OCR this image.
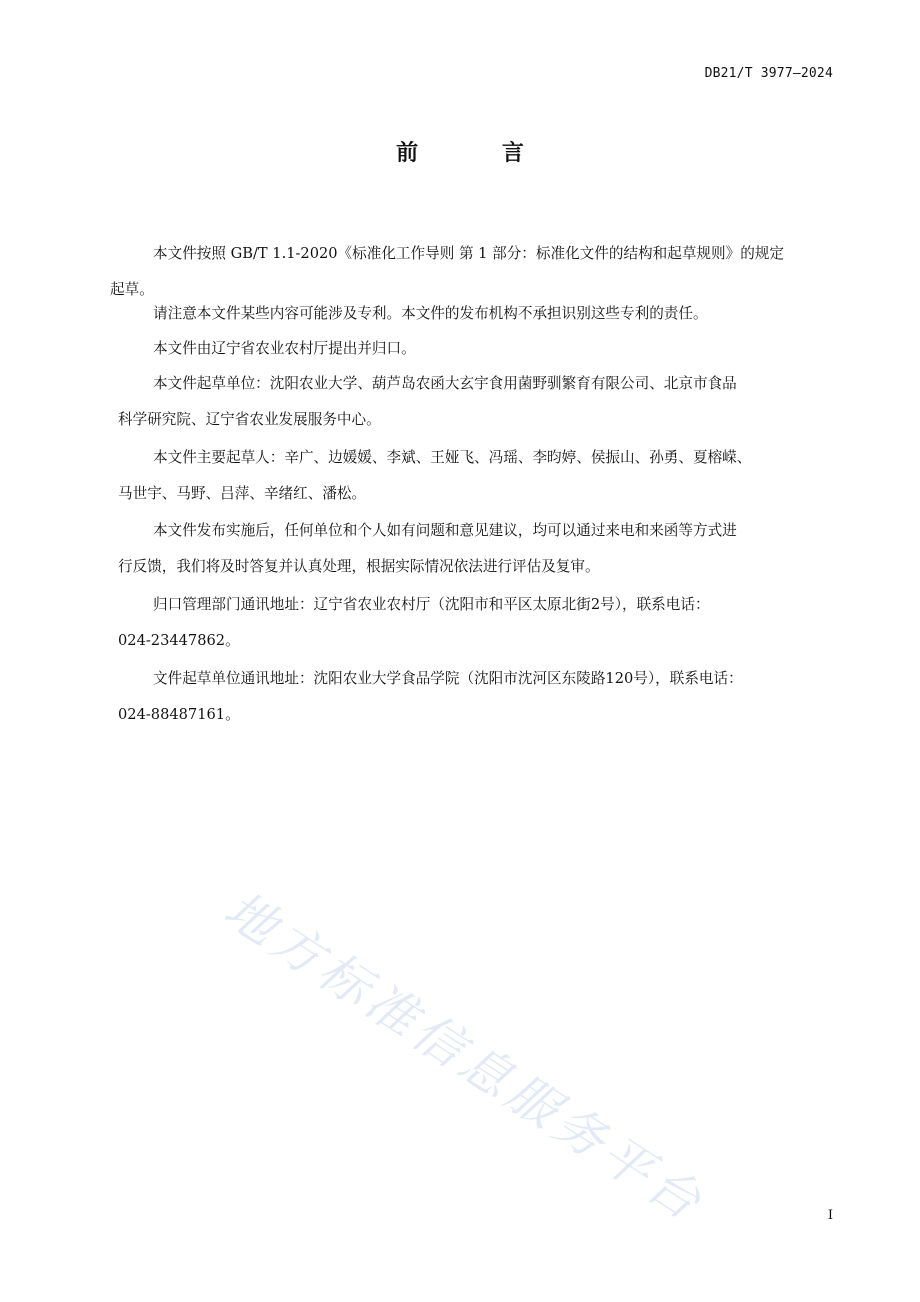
DB21/T 3977—2024
前 言
地方标准信息服务平台
本文件按照 GB/T 1.1-2020《标准化工作导则 第 1 部分：标准化文件的结构和起草规则》的规定
起草。
请注意本文件某些内容可能涉及专利。本文件的发布机构不承担识别这些专利的责任。
本文件由辽宁省农业农村厅提出并归口。
本文件起草单位：沈阳农业大学、葫芦岛农函大玄宇食用菌野驯繁育有限公司、北京市食品
科学研究院、辽宁省农业发展服务中心。
本文件主要起草人：辛广、边媛媛、李斌、王娅飞、冯瑶、李昀婷、侯振山、孙勇、夏榕嵘、
马世宇、马野、吕萍、辛绪红、潘松。
本文件发布实施后，任何单位和个人如有问题和意见建议，均可以通过来电和来函等方式进
行反馈，我们将及时答复并认真处理，根据实际情况依法进行评估及复审。
归口管理部门通讯地址：辽宁省农业农村厅（沈阳市和平区太原北街2号），联系电话：
024-23447862。
文件起草单位通讯地址：沈阳农业大学食品学院（沈阳市沈河区东陵路120号），联系电话：
024-88487161。
I
